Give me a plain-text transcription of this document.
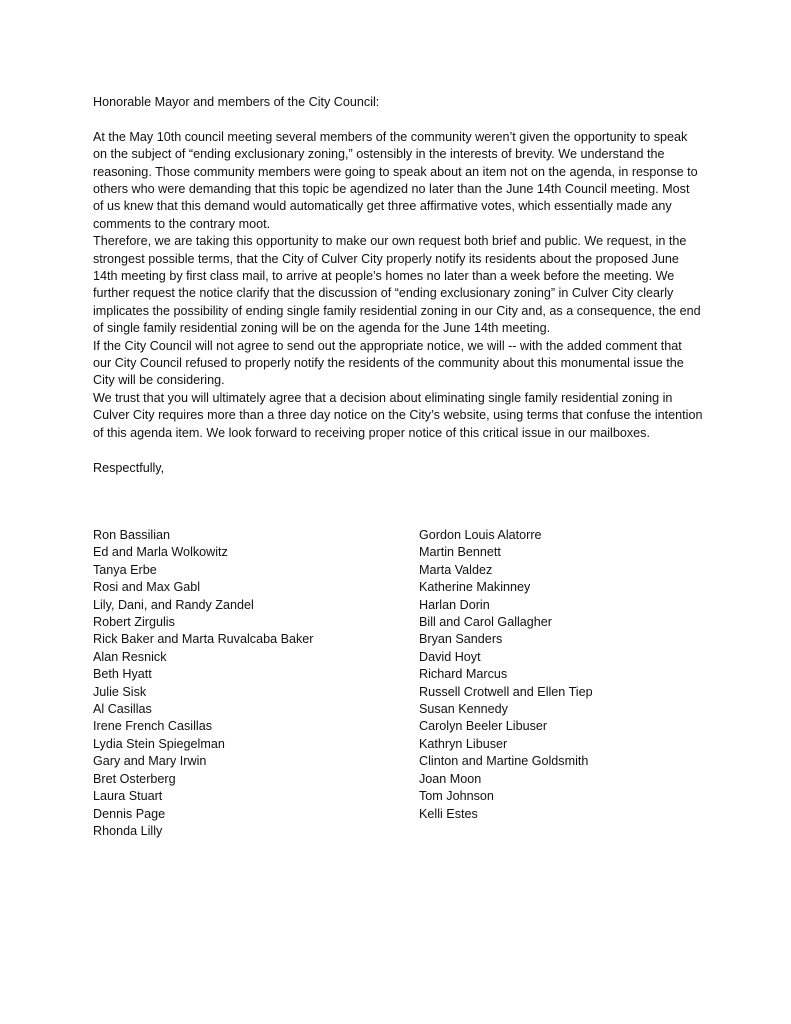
Honorable Mayor and members of the City Council:

At the May 10th council meeting several members of the community weren’t given the opportunity to speak on the subject of “ending exclusionary zoning,” ostensibly in the interests of brevity. We understand the reasoning. Those community members were going to speak about an item not on the agenda, in response to others who were demanding that this topic be agendized no later than the June 14th Council meeting. Most of us knew that this demand would automatically get three affirmative votes, which essentially made any comments to the contrary moot.

Therefore, we are taking this opportunity to make our own request both brief and public. We request, in the strongest possible terms, that the City of Culver City properly notify its residents about the proposed June 14th meeting by first class mail, to arrive at people’s homes no later than a week before the meeting. We further request the notice clarify that the discussion of “ending exclusionary zoning” in Culver City clearly implicates the possibility of ending single family residential zoning in our City and, as a consequence, the end of single family residential zoning will be on the agenda for the June 14th meeting.

If the City Council will not agree to send out the appropriate notice, we will -- with the added comment that our City Council refused to properly notify the residents of the community about this monumental issue the City will be considering.

We trust that you will ultimately agree that a decision about eliminating single family residential zoning in Culver City requires more than a three day notice on the City’s website, using terms that confuse the intention of this agenda item. We look forward to receiving proper notice of this critical issue in our mailboxes.

Respectfully,

Ron Bassilian
Ed and Marla Wolkowitz
Tanya Erbe
Rosi and Max Gabl
Lily, Dani, and Randy Zandel
Robert Zirgulis
Rick Baker and Marta Ruvalcaba Baker
Alan Resnick
Beth Hyatt
Julie Sisk
Al Casillas
Irene French Casillas
Lydia Stein Spiegelman
Gary and Mary Irwin
Bret Osterberg
Laura Stuart
Dennis Page
Rhonda Lilly
Gordon Louis Alatorre
Martin Bennett
Marta Valdez
Katherine Makinney
Harlan Dorin
Bill and Carol Gallagher
Bryan Sanders
David Hoyt
Richard Marcus
Russell Crotwell and Ellen Tiep
Susan Kennedy
Carolyn Beeler Libuser
Kathryn Libuser
Clinton and Martine Goldsmith
Joan Moon
Tom Johnson
Kelli Estes
